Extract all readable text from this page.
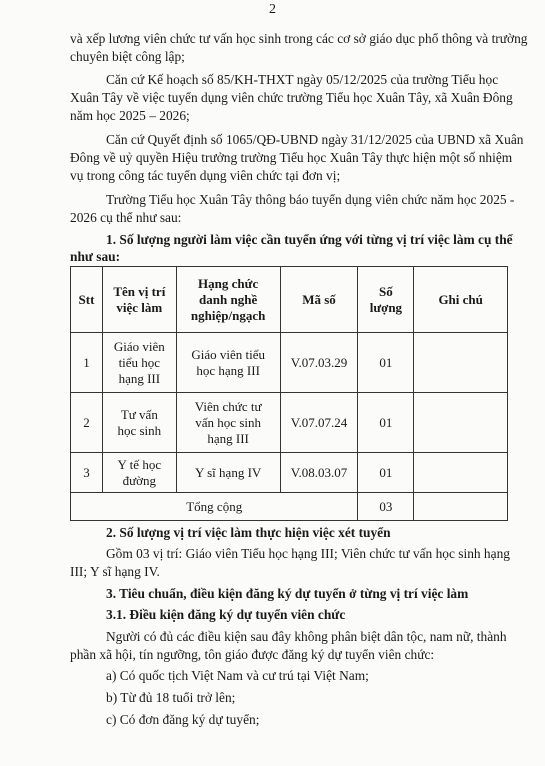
2
và xếp lương viên chức tư vấn học sinh trong các cơ sở giáo dục phổ thông và trường
chuyên biệt công lập;
Căn cứ Kế hoạch số 85/KH-THXT ngày 05/12/2025 của trường Tiểu học
Xuân Tây về việc tuyển dụng viên chức trường Tiểu học Xuân Tây, xã Xuân Đông
năm học 2025 – 2026;
Căn cứ Quyết định số 1065/QĐ-UBND ngày 31/12/2025 của UBND xã Xuân
Đông về uỷ quyền Hiệu trưởng trường Tiểu học Xuân Tây thực hiện một số nhiệm
vụ trong công tác tuyển dụng viên chức tại đơn vị;
Trường Tiểu học Xuân Tây thông báo tuyển dụng viên chức năm học 2025 -
2026 cụ thể như sau:
1. Số lượng người làm việc cần tuyển ứng với từng vị trí việc làm cụ thể
như sau:
Stt	Tên vị trí
việc làm	Hạng chức
danh nghề
nghiệp/ngạch	Mã số	Số
lượng	Ghi chú
1	Giáo viên
tiểu học
hạng III	Giáo viên tiểu
học hạng III	V.07.03.29	01	
2	Tư vấn
học sinh	Viên chức tư
vấn học sinh
hạng III	V.07.07.24	01	
3	Y tế học
đường	Y sĩ hạng IV	V.08.03.07	01	
Tổng cộng				03	
2. Số lượng vị trí việc làm thực hiện việc xét tuyển
Gồm 03 vị trí: Giáo viên Tiểu học hạng III; Viên chức tư vấn học sinh hạng
III; Y sĩ hạng IV.
3. Tiêu chuẩn, điều kiện đăng ký dự tuyển ở từng vị trí việc làm
3.1. Điều kiện đăng ký dự tuyển viên chức
Người có đủ các điều kiện sau đây không phân biệt dân tộc, nam nữ, thành
phần xã hội, tín ngưỡng, tôn giáo được đăng ký dự tuyển viên chức:
a) Có quốc tịch Việt Nam và cư trú tại Việt Nam;
b) Từ đủ 18 tuổi trở lên;
c) Có đơn đăng ký dự tuyển;
